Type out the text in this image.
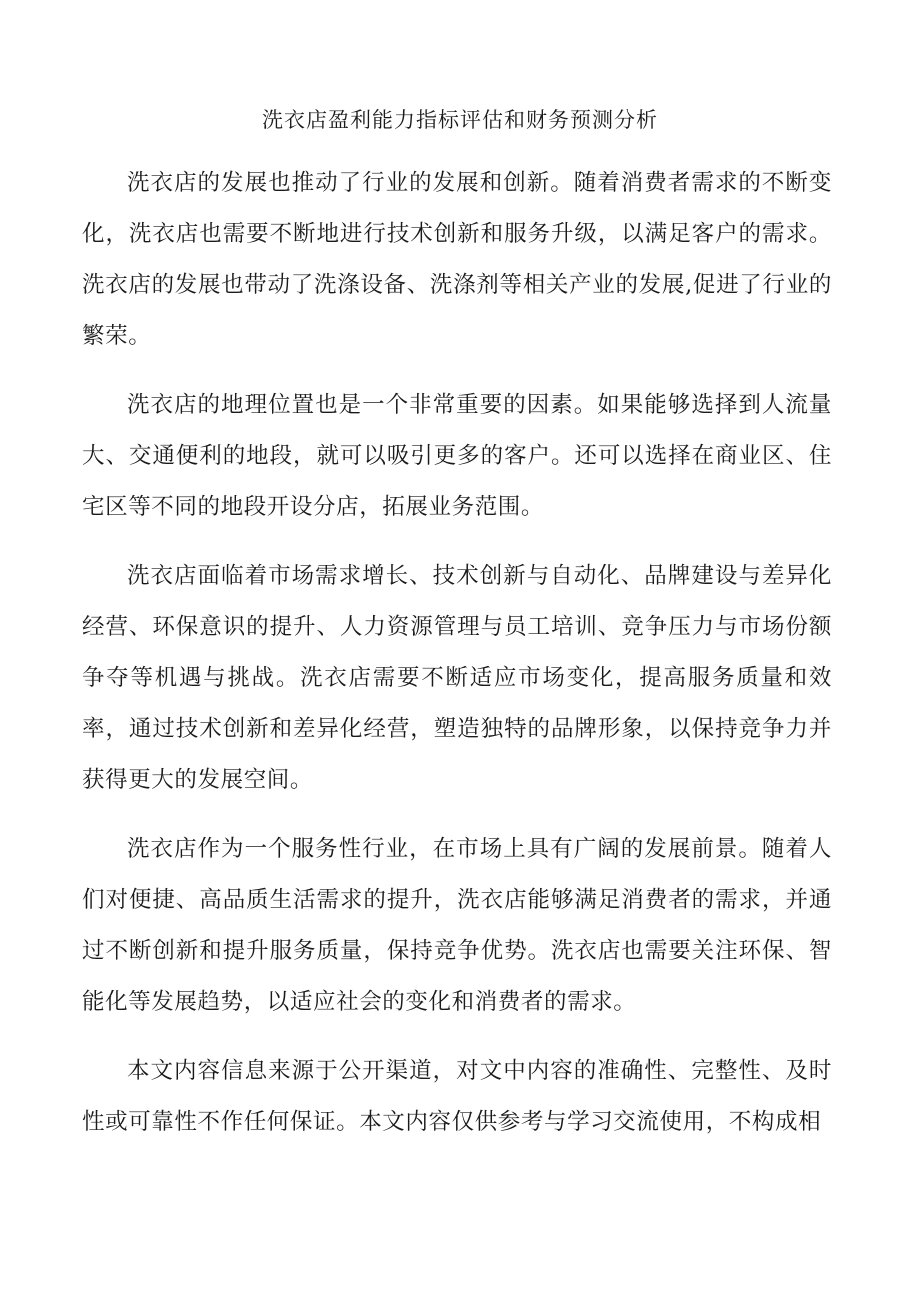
洗衣店盈利能力指标评估和财务预测分析

洗衣店的发展也推动了行业的发展和创新。随着消费者需求的不断变化，洗衣店也需要不断地进行技术创新和服务升级，以满足客户的需求。洗衣店的发展也带动了洗涤设备、洗涤剂等相关产业的发展,促进了行业的繁荣。

洗衣店的地理位置也是一个非常重要的因素。如果能够选择到人流量大、交通便利的地段，就可以吸引更多的客户。还可以选择在商业区、住宅区等不同的地段开设分店，拓展业务范围。

洗衣店面临着市场需求增长、技术创新与自动化、品牌建设与差异化经营、环保意识的提升、人力资源管理与员工培训、竞争压力与市场份额争夺等机遇与挑战。洗衣店需要不断适应市场变化，提高服务质量和效率，通过技术创新和差异化经营，塑造独特的品牌形象，以保持竞争力并获得更大的发展空间。

洗衣店作为一个服务性行业，在市场上具有广阔的发展前景。随着人们对便捷、高品质生活需求的提升，洗衣店能够满足消费者的需求，并通过不断创新和提升服务质量，保持竞争优势。洗衣店也需要关注环保、智能化等发展趋势，以适应社会的变化和消费者的需求。

本文内容信息来源于公开渠道，对文中内容的准确性、完整性、及时性或可靠性不作任何保证。本文内容仅供参考与学习交流使用，不构成相
